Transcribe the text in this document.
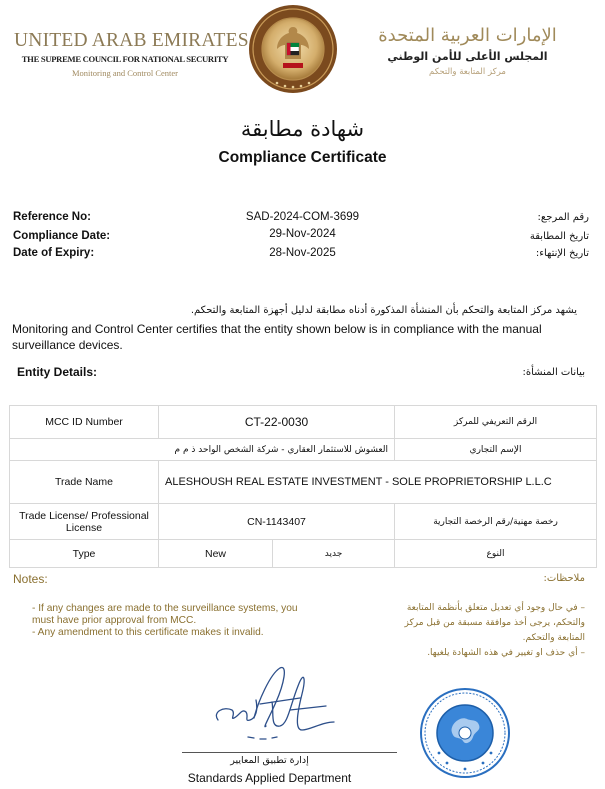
UNITED ARAB EMIRATES
THE SUPREME COUNCIL FOR NATIONAL SECURITY
Monitoring and Control Center
الإمارات العربية المتحدة
المجلس الأعلى للأمن الوطني
مركز المتابعة والتحكم
شهادة مطابقة
Compliance Certificate
Reference No:	SAD-2024-COM-3699	رقم المرجع:
Compliance Date:	29-Nov-2024	تاريخ المطابقة
Date of Expiry:	28-Nov-2025	تاريخ الإنتهاء:
يشهد مركز المتابعة والتحكم بأن المنشأة المذكورة أدناه مطابقة لدليل أجهزة المتابعة والتحكم.
Monitoring and Control Center certifies that the entity shown below is in compliance with the manual surveillance devices.
Entity Details:	بيانات المنشأة:
MCC ID Number	CT-22-0030		الرقم التعريفي للمركز
العشوش للاستثمار العقاري - شركة الشخص الواحد ذ م م			الإسم التجاري
Trade Name	ALESHOUSH REAL ESTATE INVESTMENT - SOLE PROPRIETORSHIP L.L.C		
Trade License/ Professional License	CN-1143407		رخصة مهنية/رقم الرخصة التجارية
Type	New	جديد	النوع
Notes:
- If any changes are made to the surveillance systems, you must have prior approval from MCC.
- Any amendment to this certificate makes it invalid.
ملاحظات:
– في حال وجود أي تعديل متعلق بأنظمة المتابعة والتحكم، يرجى أخذ موافقة مسبقة من قبل مركز المتابعة والتحكم.
– أي حذف او تغيير في هذه الشهادة يلغيها.
إدارة تطبيق المعايير
Standards Applied Department
